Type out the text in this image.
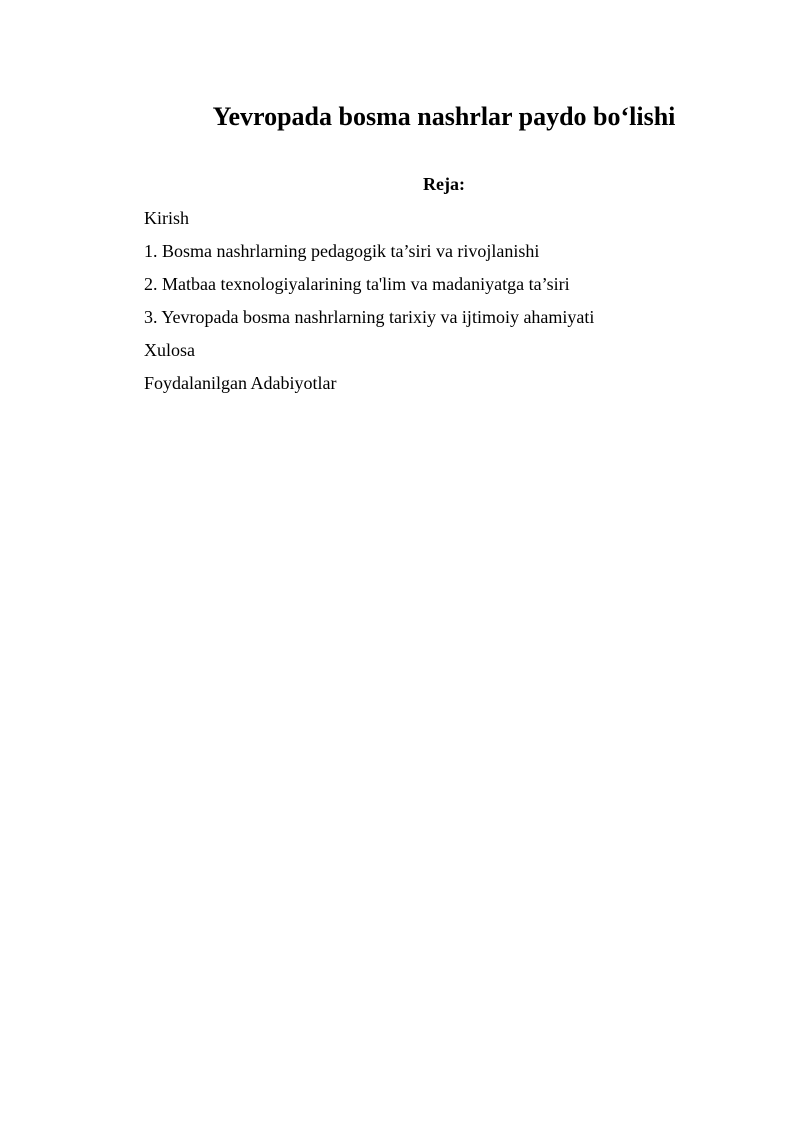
Yevropada bosma nashrlar paydo bo‘lishi
Reja:
Kirish
1. Bosma nashrlarning pedagogik ta’siri va rivojlanishi
2. Matbaa texnologiyalarining ta'lim va madaniyatga ta’siri
3. Yevropada bosma nashrlarning tarixiy va ijtimoiy ahamiyati
Xulosa
Foydalanilgan Adabiyotlar
